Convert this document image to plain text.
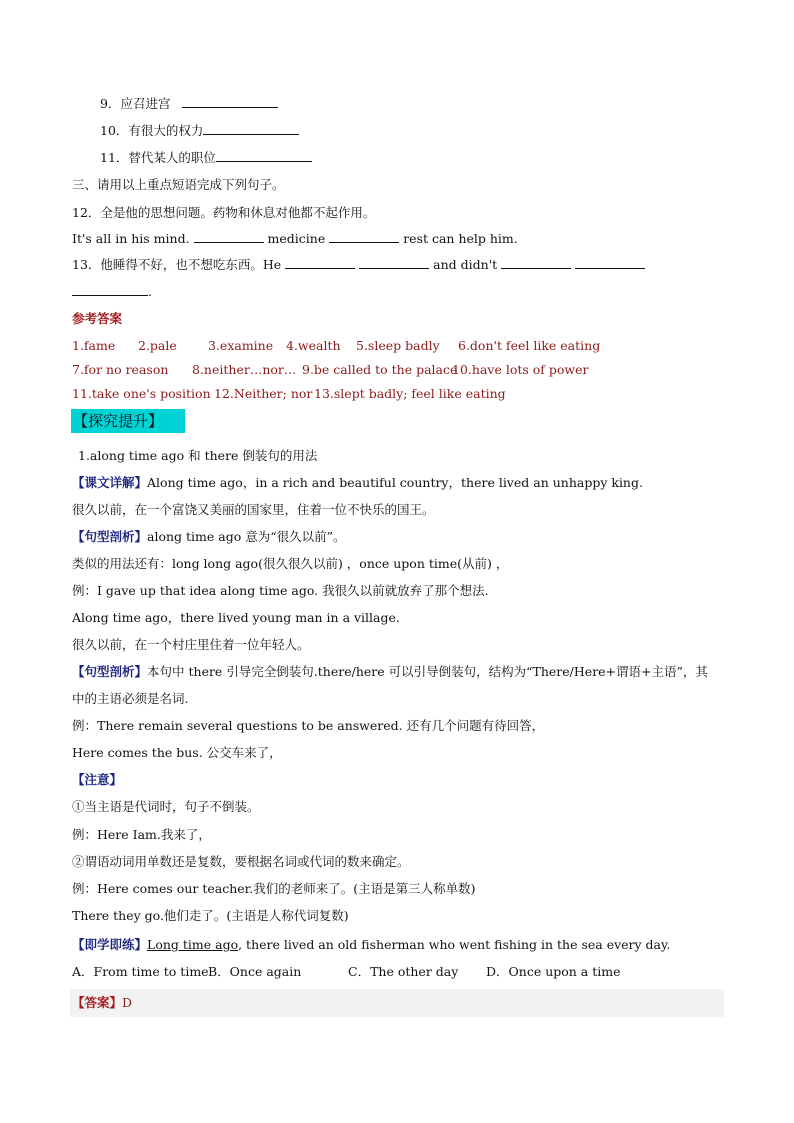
9．应召进宫
10．有很大的权力
11．替代某人的职位
三、请用以上重点短语完成下列句子。
12．全是他的思想问题。药物和休息对他都不起作用。
It's all in his mind.	medicine	rest can help him.
13．他睡得不好，也不想吃东西。He	and didn't
.
参考答案
1.fame 2.pale 3.examine 4.wealth 5.sleep badly 6.don't feel like eating
7.for no reason 8.neither…nor… 9.be called to the palace10.have lots of power
11.take one's position 12.Neither; nor 13.slept badly; feel like eating
【探究提升】
1.along time ago 和 there 倒装句的用法
【课文详解】Along time ago，in a rich and beautiful country，there lived an unhappy king.
很久以前，在一个富饶又美丽的国家里，住着一位不快乐的国王。
【句型剖析】along time ago 意为“很久以前”。
类似的用法还有：long long ago(很久很久以前) ，once upon time(从前) ，
例：I gave up that idea along time ago. 我很久以前就放弃了那个想法.
Along time ago，there lived young man in a village.
很久以前，在一个村庄里住着一位年轻人。
【句型剖析】本句中 there 引导完全倒装句.there/here 可以引导倒装句，结构为“There/Here+谓语+主语”，其
中的主语必须是名词.
例：There remain several questions to be answered. 还有几个问题有待回答，
Here comes the bus. 公交车来了，
【注意】
①当主语是代词时，句子不倒装。
例：Here Iam.我来了，
②谓语动词用单数还是复数，要根据名词或代词的数来确定。
例：Here comes our teacher.我们的老师来了。(主语是第三人称单数)
There they go.他们走了。(主语是人称代词复数)
【即学即练】Long time ago, there lived an old fisherman who went fishing in the sea every day.
A．From time to timeB．Once again	C．The other day D．Once upon a time
【答案】D
